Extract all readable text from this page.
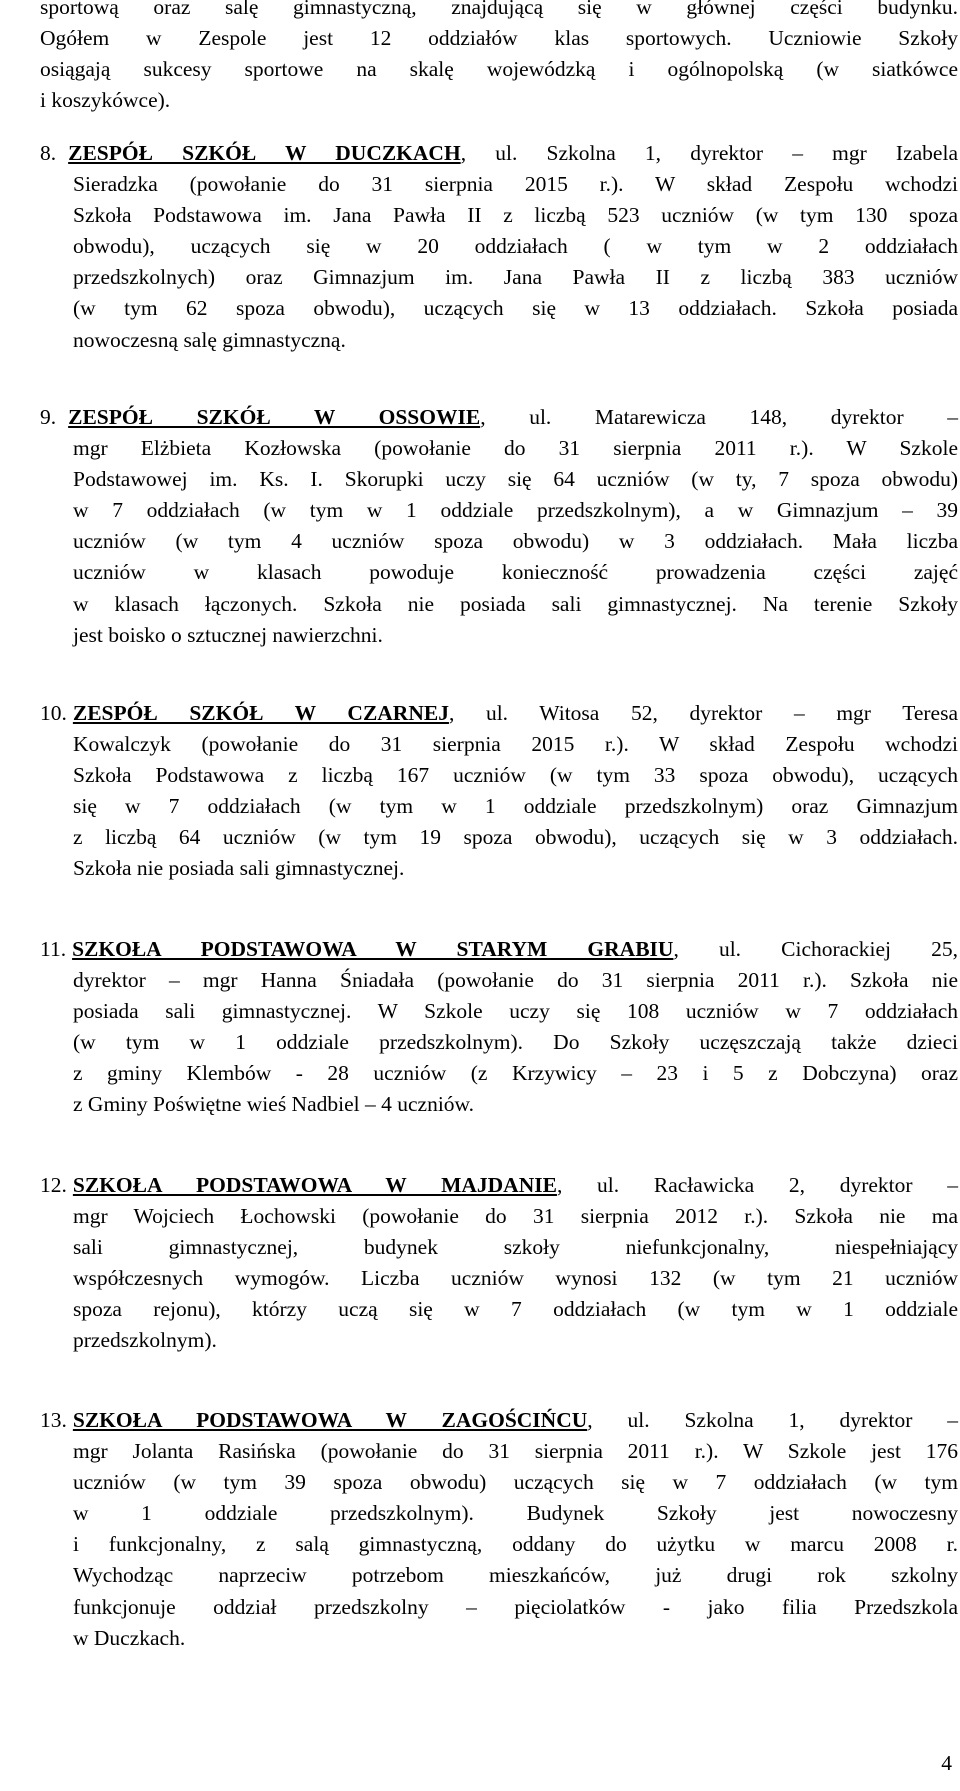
sportową oraz salę gimnastyczną, znajdującą się w głównej części budynku.
Ogółem w Zespole jest 12 oddziałów klas sportowych. Uczniowie Szkoły
osiągają sukcesy sportowe na skalę wojewódzką i ogólnopolską (w siatkówce
i koszykówce).
8. ZESPÓŁ SZKÓŁ W DUCZKACH, ul. Szkolna 1, dyrektor – mgr Izabela
Sieradzka (powołanie do 31 sierpnia 2015 r.). W skład Zespołu wchodzi
Szkoła Podstawowa im. Jana Pawła II z liczbą 523 uczniów (w tym 130 spoza
obwodu), uczących się w 20 oddziałach ( w tym w 2 oddziałach
przedszkolnych) oraz Gimnazjum im. Jana Pawła II z liczbą 383 uczniów
(w tym 62 spoza obwodu), uczących się w 13 oddziałach. Szkoła posiada
nowoczesną salę gimnastyczną.
9. ZESPÓŁ SZKÓŁ W OSSOWIE, ul. Matarewicza 148, dyrektor –
mgr Elżbieta Kozłowska (powołanie do 31 sierpnia 2011 r.). W Szkole
Podstawowej im. Ks. I. Skorupki uczy się 64 uczniów (w ty, 7 spoza obwodu)
w 7 oddziałach (w tym w 1 oddziale przedszkolnym), a w Gimnazjum – 39
uczniów (w tym 4 uczniów spoza obwodu) w 3 oddziałach. Mała liczba
uczniów w klasach powoduje konieczność prowadzenia części zajęć
w klasach łączonych. Szkoła nie posiada sali gimnastycznej. Na terenie Szkoły
jest boisko o sztucznej nawierzchni.
10. ZESPÓŁ SZKÓŁ W CZARNEJ, ul. Witosa 52, dyrektor – mgr Teresa
Kowalczyk (powołanie do 31 sierpnia 2015 r.). W skład Zespołu wchodzi
Szkoła Podstawowa z liczbą 167 uczniów (w tym 33 spoza obwodu), uczących
się w 7 oddziałach (w tym w 1 oddziale przedszkolnym) oraz Gimnazjum
z liczbą 64 uczniów (w tym 19 spoza obwodu), uczących się w 3 oddziałach.
Szkoła nie posiada sali gimnastycznej.
11. SZKOŁA PODSTAWOWA W STARYM GRABIU, ul. Cichorackiej 25,
dyrektor – mgr Hanna Śniadała (powołanie do 31 sierpnia 2011 r.). Szkoła nie
posiada sali gimnastycznej. W Szkole uczy się 108 uczniów w 7 oddziałach
(w tym w 1 oddziale przedszkolnym). Do Szkoły uczęszczają także dzieci
z gminy Klembów - 28 uczniów (z Krzywicy – 23 i 5 z Dobczyna) oraz
z Gminy Poświętne wieś Nadbiel – 4 uczniów.
12. SZKOŁA PODSTAWOWA W MAJDANIE, ul. Racławicka 2, dyrektor –
mgr Wojciech Łochowski (powołanie do 31 sierpnia 2012 r.). Szkoła nie ma
sali gimnastycznej, budynek szkoły niefunkcjonalny, niespełniający
współczesnych wymogów. Liczba uczniów wynosi 132 (w tym 21 uczniów
spoza rejonu), którzy uczą się w 7 oddziałach (w tym w 1 oddziale
przedszkolnym).
13. SZKOŁA PODSTAWOWA W ZAGOŚCIŃCU, ul. Szkolna 1, dyrektor –
mgr Jolanta Rasińska (powołanie do 31 sierpnia 2011 r.). W Szkole jest 176
uczniów (w tym 39 spoza obwodu) uczących się w 7 oddziałach (w tym
w 1 oddziale przedszkolnym). Budynek Szkoły jest nowoczesny
i funkcjonalny, z salą gimnastyczną, oddany do użytku w marcu 2008 r.
Wychodząc naprzeciw potrzebom mieszkańców, już drugi rok szkolny
funkcjonuje oddział przedszkolny – pięciolatków - jako filia Przedszkola
w Duczkach.
4
